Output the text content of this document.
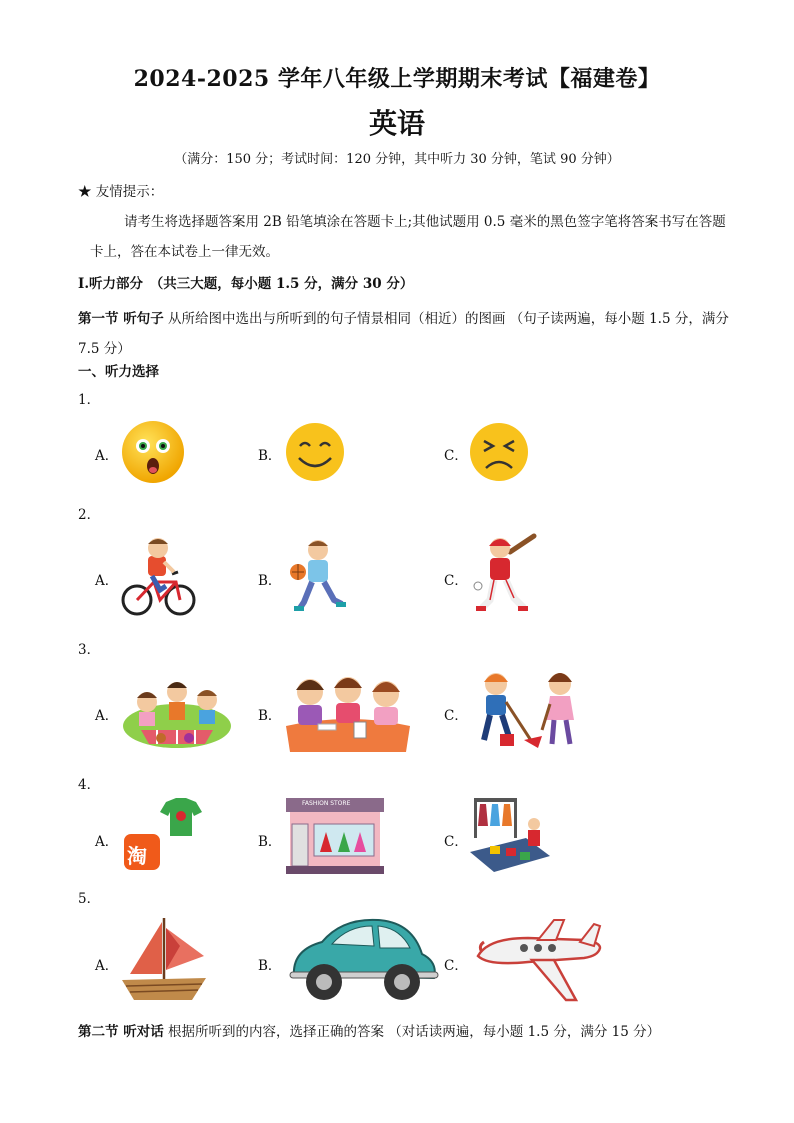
2024-2025 学年八年级上学期期末考试【福建卷】
英语
（满分：150 分；考试时间：120 分钟，其中听力 30 分钟，笔试 90 分钟）
★ 友情提示：
请考生将选择题答案用 2B 铅笔填涂在答题卡上;其他试题用 0.5 毫米的黑色签字笔将答案书写在答题
卡上，答在本试卷上一律无效。
I.听力部分　（共三大题，每小题 1.5 分，满分 30 分）
第一节 听句子 从所给图中选出与所听到的句子情景相同（相近）的图画 （句子读两遍，每小题 1.5 分，满分 7.5 分）
一、听力选择
1．
A．	B．	C．
2．
A．	B．	C．
3．
A．	B．	C．
4．
A．	B．	C．
淘
FASHION STORE
5．
A．	B．	C．
第二节 听对话 根据所听到的内容，选择正确的答案 （对话读两遍，每小题 1.5 分，满分 15 分）
